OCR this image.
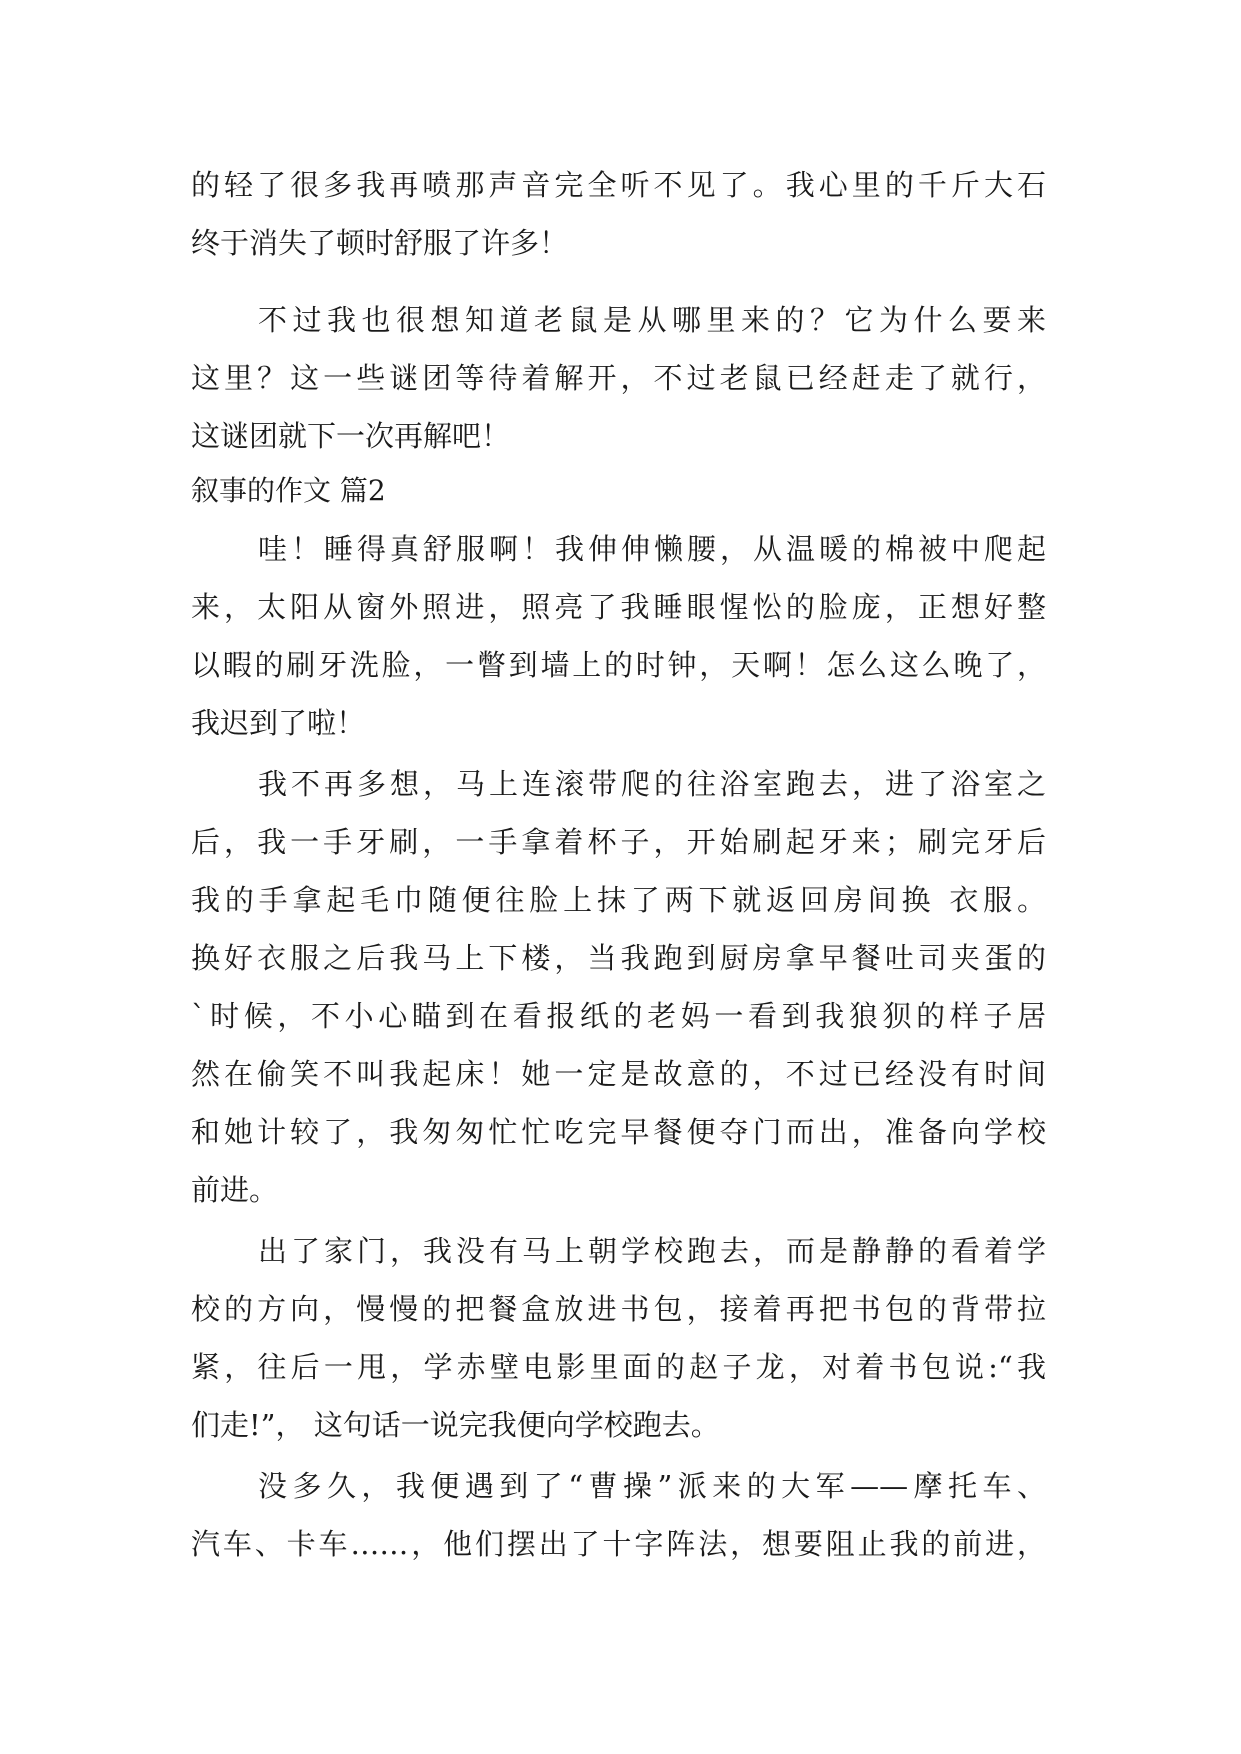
的轻了很多我再喷那声音完全听不见了。我心里的千斤大石
终于消失了顿时舒服了许多！
不过我也很想知道老鼠是从哪里来的？它为什么要来
这里？这一些谜团等待着解开，不过老鼠已经赶走了就行，
这谜团就下一次再解吧！
叙事的作文 篇2
哇！睡得真舒服啊！我伸伸懒腰，从温暖的棉被中爬起
来，太阳从窗外照进，照亮了我睡眼惺忪的脸庞，正想好整
以暇的刷牙洗脸，一瞥到墙上的时钟，天啊！怎么这么晚了，
我迟到了啦！
我不再多想，马上连滚带爬的往浴室跑去，进了浴室之
后，我一手牙刷，一手拿着杯子，开始刷起牙来；刷完牙后
我的手拿起毛巾随便往脸上抹了两下就返回房间换 衣服。
换好衣服之后我马上下楼，当我跑到厨房拿早餐吐司夹蛋的
`时候，不小心瞄到在看报纸的老妈一看到我狼狈的样子居
然在偷笑不叫我起床！她一定是故意的，不过已经没有时间
和她计较了，我匆匆忙忙吃完早餐便夺门而出，准备向学校
前进。
出了家门，我没有马上朝学校跑去，而是静静的看着学
校的方向，慢慢的把餐盒放进书包，接着再把书包的背带拉
紧，往后一甩，学赤壁电影里面的赵子龙，对着书包说:“我
们走!”， 这句话一说完我便向学校跑去。
没多久，我便遇到了“曹操”派来的大军——摩托车、
汽车、卡车……，他们摆出了十字阵法，想要阻止我的前进，
